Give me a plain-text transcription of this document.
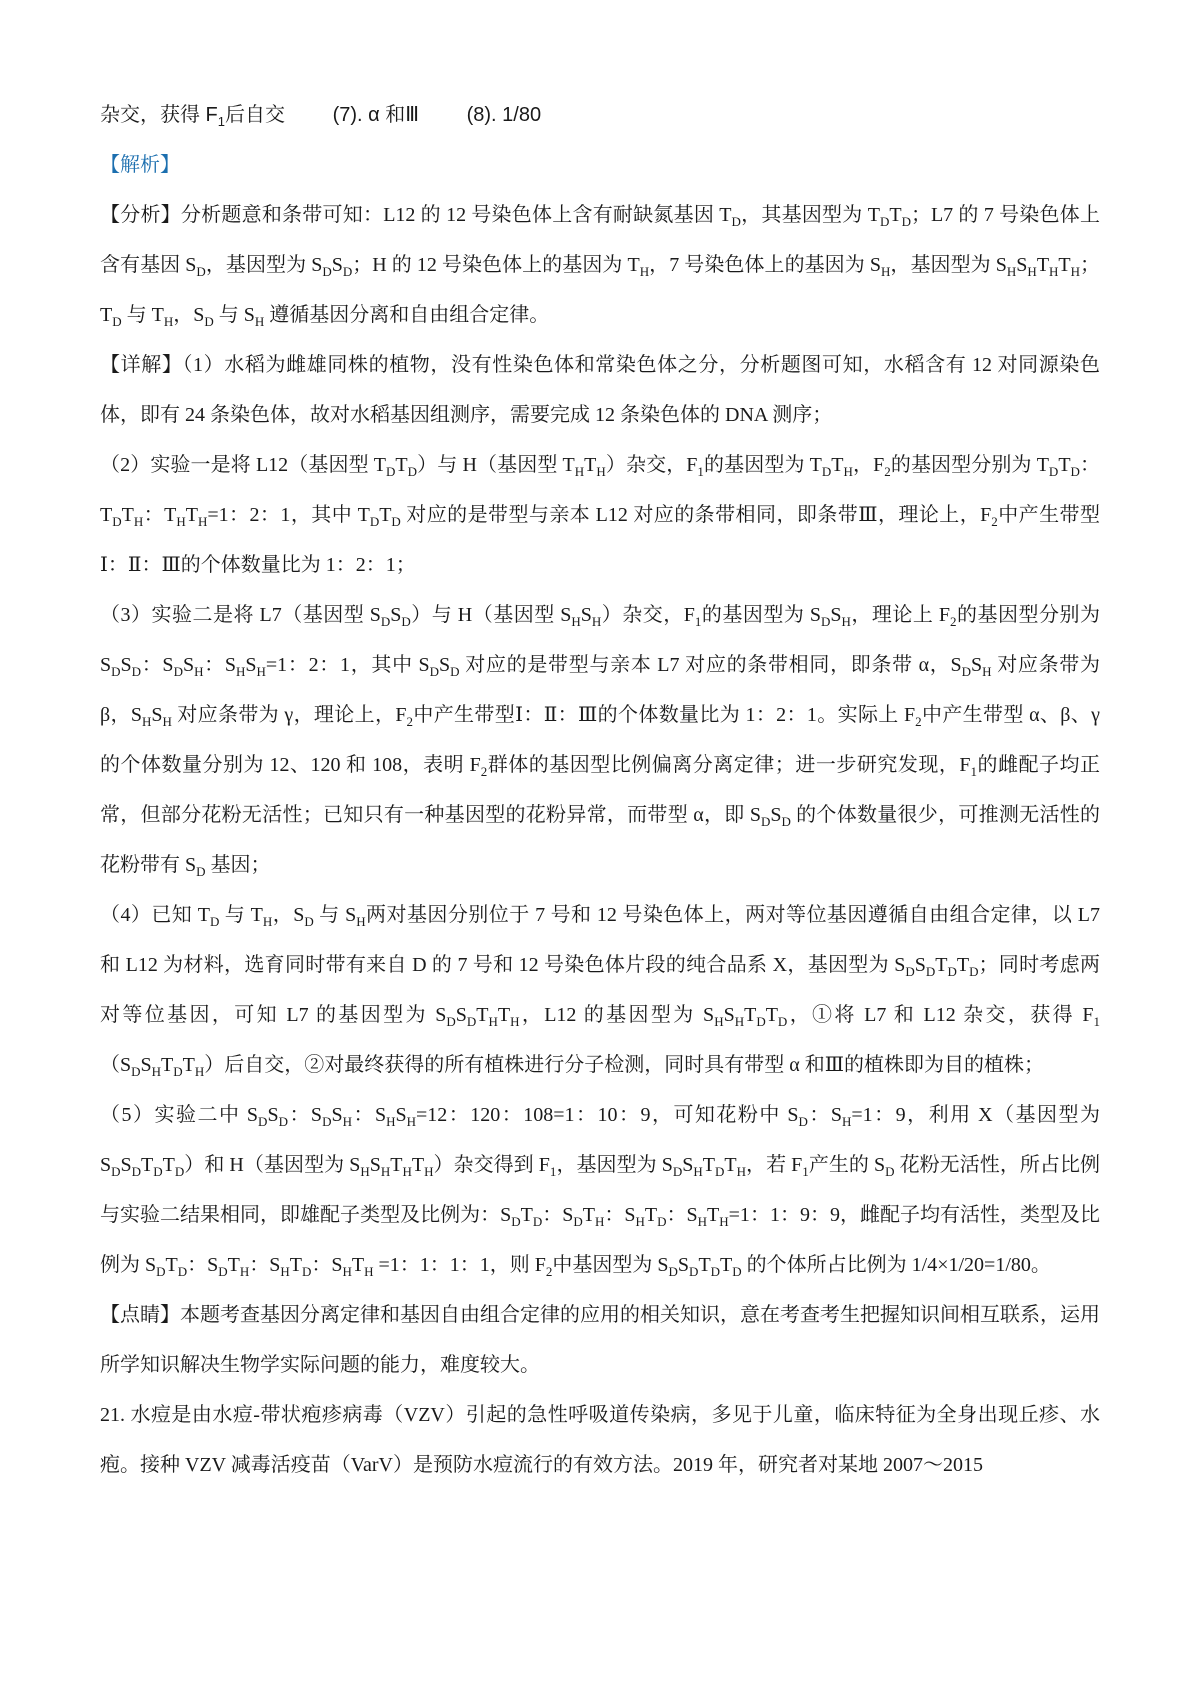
杂交，获得 $F_1$后自交 (7). α 和Ⅲ (8). 1/80
【解析】
【分析】分析题意和条带可知：L12 的 12 号染色体上含有耐缺氮基因 $T_D$，其基因型为 $T_DT_D$；L7 的 7 号染色体上含有基因 $S_D$，基因型为 $S_DS_D$；H 的 12 号染色体上的基因为 $T_H$，7 号染色体上的基因为 $S_H$，基因型为 $S_HS_HT_HT_H$；$T_D$ 与 $T_H$，$S_D$ 与 $S_H$ 遵循基因分离和自由组合定律。
【详解】（1）水稻为雌雄同株的植物，没有性染色体和常染色体之分，分析题图可知，水稻含有 12 对同源染色体，即有 24 条染色体，故对水稻基因组测序，需要完成 12 条染色体的 DNA 测序；
（2）实验一是将 L12（基因型 $T_DT_D$）与 H（基因型 $T_HT_H$）杂交，$F_1$的基因型为 $T_DT_H$，$F_2$的基因型分别为 $T_DT_D$：$T_DT_H$：$T_HT_H=1$：2：1，其中 $T_DT_D$ 对应的是带型与亲本 L12 对应的条带相同，即条带Ⅲ，理论上，$F_2$中产生带型Ⅰ：Ⅱ：Ⅲ的个体数量比为 1：2：1；
（3）实验二是将 L7（基因型 $S_DS_D$）与 H（基因型 $S_HS_H$）杂交，$F_1$的基因型为 $S_DS_H$，理论上 $F_2$的基因型分别为 $S_DS_D$：$S_DS_H$：$S_HS_H=1$：2：1，其中 $S_DS_D$ 对应的是带型与亲本 L7 对应的条带相同，即条带 α，$S_DS_H$ 对应条带为 β，$S_HS_H$ 对应条带为 γ，理论上，$F_2$中产生带型Ⅰ：Ⅱ：Ⅲ的个体数量比为 1：2：1。实际上 $F_2$中产生带型 α、β、γ 的个体数量分别为 12、120 和 108，表明 $F_2$群体的基因型比例偏离分离定律；进一步研究发现，$F_1$的雌配子均正常，但部分花粉无活性；已知只有一种基因型的花粉异常，而带型 α，即 $S_DS_D$ 的个体数量很少，可推测无活性的花粉带有 $S_D$ 基因；
（4）已知 $T_D$ 与 $T_H$，$S_D$ 与 $S_H$两对基因分别位于 7 号和 12 号染色体上，两对等位基因遵循自由组合定律，以 L7 和 L12 为材料，选育同时带有来自 D 的 7 号和 12 号染色体片段的纯合品系 X，基因型为 $S_DS_DT_DT_D$；同时考虑两对等位基因，可知 L7 的基因型为 $S_DS_DT_HT_H$，L12 的基因型为 $S_HS_HT_DT_D$，①将 L7 和 L12 杂交，获得 $F_1(S_DS_HT_DT_H)$后自交，②对最终获得的所有植株进行分子检测，同时具有带型 α 和Ⅲ的植株即为目的植株；
（5）实验二中 $S_DS_D$：$S_DS_H$：$S_HS_H=12$：120：108=1：10：9，可知花粉中 $S_D$：$S_H=1$：9，利用 X（基因型为 $S_DS_DT_DT_D$）和 H（基因型为 $S_HS_HT_HT_H$）杂交得到 $F_1$，基因型为 $S_DS_HT_DT_H$，若 $F_1$产生的 $S_D$ 花粉无活性，所占比例与实验二结果相同，即雄配子类型及比例为：$S_DT_D$：$S_DT_H$：$S_HT_D$：$S_HT_H=1$：1：9：9，雌配子均有活性，类型及比例为 $S_DT_D$：$S_DT_H$：$S_HT_D$：$S_HT_H =1$：1：1：1，则 $F_2$中基因型为 $S_DS_DT_DT_D$ 的个体所占比例为 1/4×1/20=1/80。
【点睛】本题考查基因分离定律和基因自由组合定律的应用的相关知识，意在考查考生把握知识间相互联系，运用所学知识解决生物学实际问题的能力，难度较大。
21. 水痘是由水痘-带状疱疹病毒（VZV）引起的急性呼吸道传染病，多见于儿童，临床特征为全身出现丘疹、水疱。接种 VZV 减毒活疫苗（VarV）是预防水痘流行的有效方法。2019 年，研究者对某地 2007～2015
